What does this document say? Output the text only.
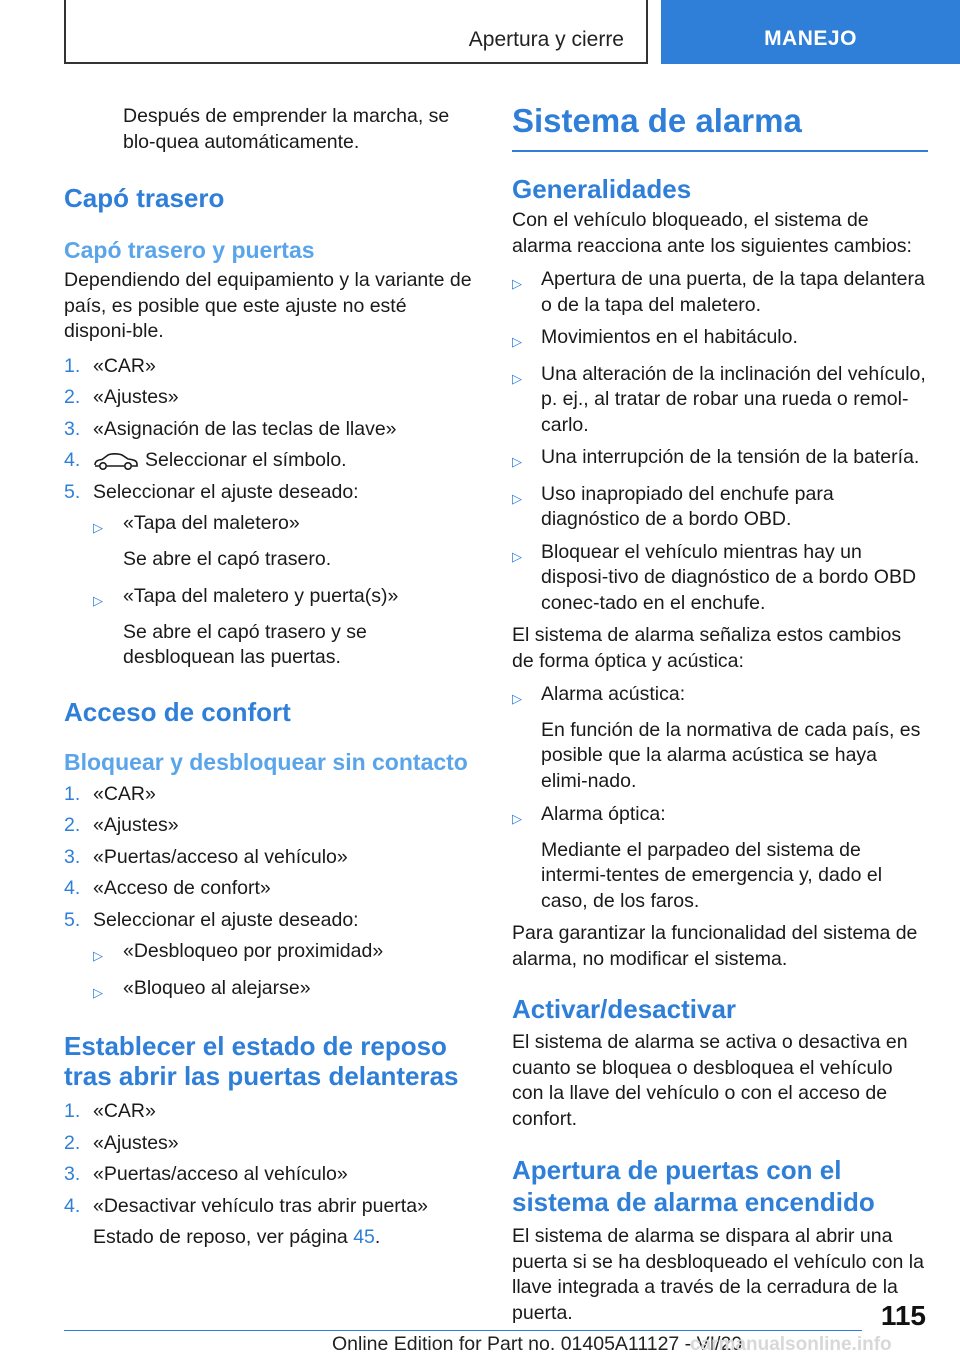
Apertura y cierre	MANEJO

Después de emprender la marcha, se blo-quea automáticamente.

Capó trasero
Capó trasero y puertas

Dependiendo del equipamiento y la variante de país, es posible que este ajuste no esté disponi-ble.

1. «CAR»
2. «Ajustes»
3. «Asignación de las teclas de llave»
4.	Seleccionar el símbolo.
5. Seleccionar el ajuste deseado:
▷	«Tapa del maletero»
Se abre el capó trasero.
▷	«Tapa del maletero y puerta(s)»
Se abre el capó trasero y se desbloquean las puertas.
Acceso de confort
Bloquear y desbloquear sin contacto
1. «CAR»
2. «Ajustes»
3. «Puertas/acceso al vehículo»
4. «Acceso de confort»
5. Seleccionar el ajuste deseado:
▷	«Desbloqueo por proximidad»
▷	«Bloqueo al alejarse»
Establecer el estado de reposo tras abrir las puertas delanteras
1. «CAR»
2. «Ajustes»
3. «Puertas/acceso al vehículo»
4. «Desactivar vehículo tras abrir puerta»
Estado de reposo, ver página 45.
Sistema de alarma
Generalidades

Con el vehículo bloqueado, el sistema de alarma reacciona ante los siguientes cambios:

▷ Apertura de una puerta, de la tapa delantera o de la tapa del maletero.
▷ Movimientos en el habitáculo.
▷ Una alteración de la inclinación del vehículo, p. ej., al tratar de robar una rueda o remol-carlo.
▷ Una interrupción de la tensión de la batería.
▷ Uso inapropiado del enchufe para diagnóstico de a bordo OBD.
▷ Bloquear el vehículo mientras hay un disposi-tivo de diagnóstico de a bordo OBD conec-tado en el enchufe.

El sistema de alarma señaliza estos cambios de forma óptica y acústica:

▷ Alarma acústica:
En función de la normativa de cada país, es posible que la alarma acústica se haya elimi-nado.
▷ Alarma óptica:
Mediante el parpadeo del sistema de intermi-tentes de emergencia y, dado el caso, de los faros.

Para garantizar la funcionalidad del sistema de alarma, no modificar el sistema.

Activar/desactivar

El sistema de alarma se activa o desactiva en cuanto se bloquea o desbloquea el vehículo con la llave del vehículo o con el acceso de confort.

Apertura de puertas con el sistema de alarma encendido

El sistema de alarma se dispara al abrir una puerta si se ha desbloqueado el vehículo con la llave integrada a través de la cerradura de la puerta.	115
Online Edition for Part no. 01405A11127 - VI/20
carmanualsonline.info
